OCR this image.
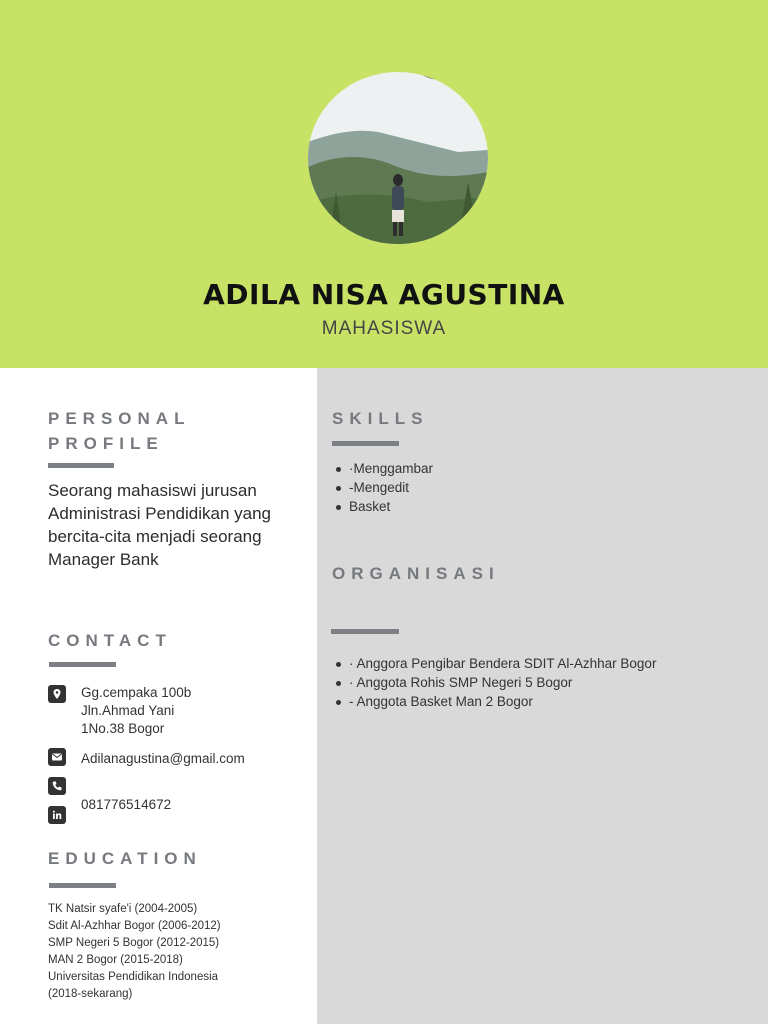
ADILA NISA AGUSTINA
MAHASISWA
PERSONAL
PROFILE
Seorang mahasiswi jurusan Administrasi Pendidikan yang bercita-cita menjadi seorang Manager Bank
CONTACT
Gg.cempaka 100b
Jln.Ahmad Yani
1No.38 Bogor
Adilanagustina@gmail.com
081776514672
EDUCATION
TK Natsir syafe'i (2004-2005)
Sdit Al-Azhhar Bogor (2006-2012)
SMP Negeri 5 Bogor (2012-2015)
MAN 2 Bogor (2015-2018)
Universitas Pendidikan Indonesia
(2018-sekarang)
SKILLS
·Menggambar
-Mengedit
Basket
ORGANISASI
· Anggora Pengibar Bendera SDIT Al-Azhhar Bogor
· Anggota Rohis SMP Negeri 5 Bogor
- Anggota Basket Man 2 Bogor
